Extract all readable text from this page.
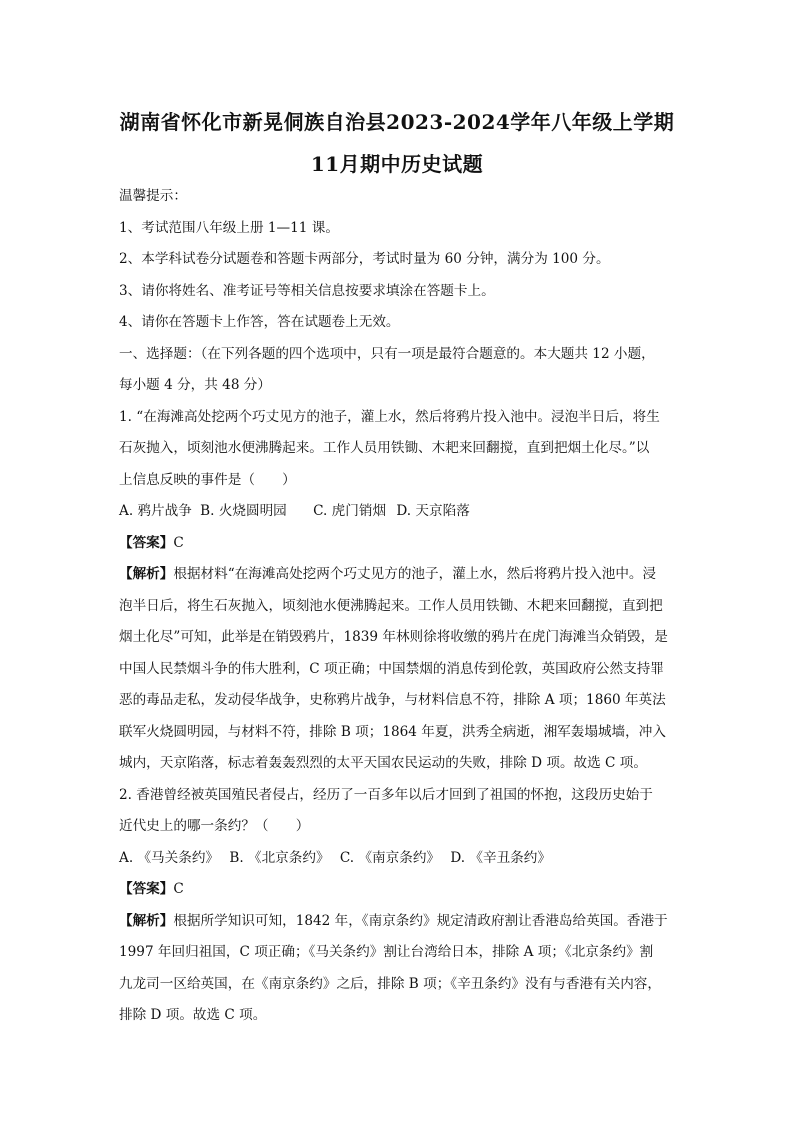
湖南省怀化市新晃侗族自治县2023-2024学年八年级上学期
11月期中历史试题
温馨提示：
1、考试范围八年级上册 1—11 课。
2、本学科试卷分试题卷和答题卡两部分，考试时量为 60 分钟，满分为 100 分。
3、请你将姓名、准考证号等相关信息按要求填涂在答题卡上。
4、请你在答题卡上作答，答在试题卷上无效。
一、选择题：（在下列各题的四个选项中，只有一项是最符合题意的。本大题共 12 小题，
每小题 4 分，共 48 分）
1. “在海滩高处挖两个巧丈见方的池子，灌上水，然后将鸦片投入池中。浸泡半日后，将生
石灰抛入，顷刻池水便沸腾起来。工作人员用铁锄、木耙来回翻搅，直到把烟土化尽。”以
上信息反映的事件是（　　）
A. 鸦片战争 B. 火烧圆明园 C. 虎门销烟 D. 天京陷落
【答案】C
【解析】根据材料“在海滩高处挖两个巧丈见方的池子，灌上水，然后将鸦片投入池中。浸
泡半日后，将生石灰抛入，顷刻池水便沸腾起来。工作人员用铁锄、木耙来回翻搅，直到把
烟土化尽”可知，此举是在销毁鸦片，1839 年林则徐将收缴的鸦片在虎门海滩当众销毁，是
中国人民禁烟斗争的伟大胜利，C 项正确；中国禁烟的消息传到伦敦，英国政府公然支持罪
恶的毒品走私，发动侵华战争，史称鸦片战争，与材料信息不符，排除 A 项；1860 年英法
联军火烧圆明园，与材料不符，排除 B 项；1864 年夏，洪秀全病逝，湘军轰塌城墙，冲入
城内，天京陷落，标志着轰轰烈烈的太平天国农民运动的失败，排除 D 项。故选 C 项。
2. 香港曾经被英国殖民者侵占，经历了一百多年以后才回到了祖国的怀抱，这段历史始于
近代史上的哪一条约？（　　）
A. 《马关条约》 B. 《北京条约》 C. 《南京条约》 D. 《辛丑条约》
【答案】C
【解析】根据所学知识可知，1842 年，《南京条约》规定清政府割让香港岛给英国。香港于
1997 年回归祖国，C 项正确；《马关条约》割让台湾给日本，排除 A 项；《北京条约》割
九龙司一区给英国，在《南京条约》之后，排除 B 项；《辛丑条约》没有与香港有关内容，
排除 D 项。故选 C 项。
